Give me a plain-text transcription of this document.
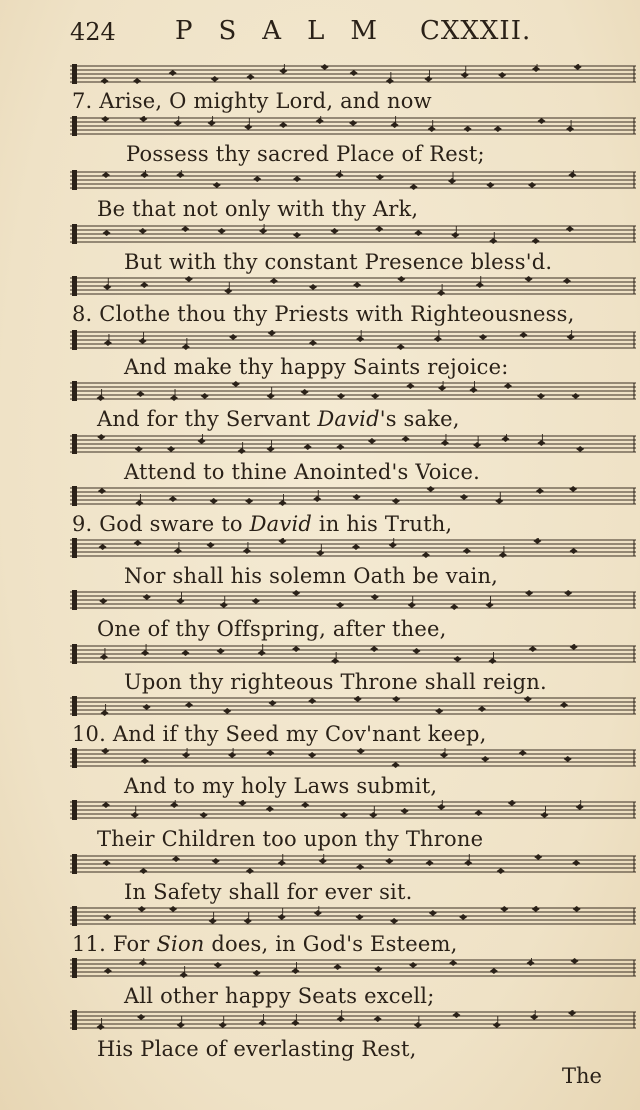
424 PSALM CXXXII.
7. Arise, O mighty Lord, and now
Possess thy sacred Place of Rest;
Be that not only with thy Ark,
But with thy constant Presence bless'd.
8. Clothe thou thy Priests with Righteousness,
And make thy happy Saints rejoice:
And for thy Servant David's sake,
Attend to thine Anointed's Voice.
9. God sware to David in his Truth,
Nor shall his solemn Oath be vain,
One of thy Offspring, after thee,
Upon thy righteous Throne shall reign.
10. And if thy Seed my Cov'nant keep,
And to my holy Laws submit,
Their Children too upon thy Throne
In Safety shall for ever sit.
11. For Sion does, in God's Esteem,
All other happy Seats excell;
His Place of everlasting Rest,
The
